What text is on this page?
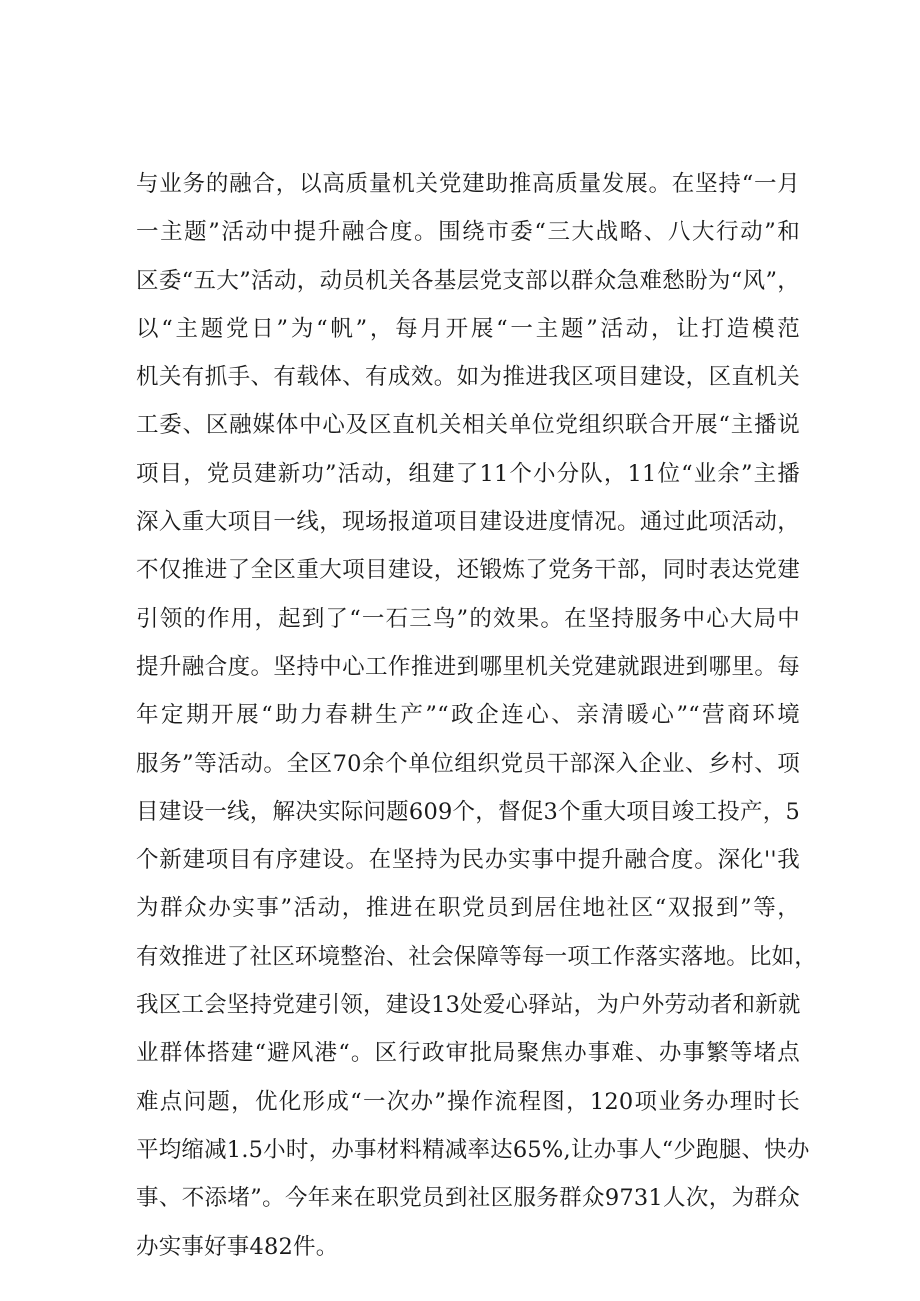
与业务的融合，以高质量机关党建助推高质量发展。在坚持“一月
一主题”活动中提升融合度。围绕市委“三大战略、八大行动”和
区委“五大”活动，动员机关各基层党支部以群众急难愁盼为“风”，
以“主题党日”为“帆”，每月开展“一主题”活动，让打造模范
机关有抓手、有载体、有成效。如为推进我区项目建设，区直机关
工委、区融媒体中心及区直机关相关单位党组织联合开展“主播说
项目，党员建新功”活动，组建了11个小分队，11位“业余”主播
深入重大项目一线，现场报道项目建设进度情况。通过此项活动，
不仅推进了全区重大项目建设，还锻炼了党务干部，同时表达党建
引领的作用，起到了“一石三鸟”的效果。在坚持服务中心大局中
提升融合度。坚持中心工作推进到哪里机关党建就跟进到哪里。每
年定期开展“助力春耕生产”“政企连心、亲清暖心”“营商环境
服务”等活动。全区70余个单位组织党员干部深入企业、乡村、项
目建设一线，解决实际问题609个，督促3个重大项目竣工投产，5
个新建项目有序建设。在坚持为民办实事中提升融合度。深化''我
为群众办实事”活动，推进在职党员到居住地社区“双报到”等，
有效推进了社区环境整治、社会保障等每一项工作落实落地。比如，
我区工会坚持党建引领，建设13处爱心驿站，为户外劳动者和新就
业群体搭建“避风港“。区行政审批局聚焦办事难、办事繁等堵点
难点问题，优化形成“一次办”操作流程图，120项业务办理时长
平均缩减1.5小时，办事材料精减率达65%,让办事人“少跑腿、快办
事、不添堵”。今年来在职党员到社区服务群众9731人次，为群众
办实事好事482件。
